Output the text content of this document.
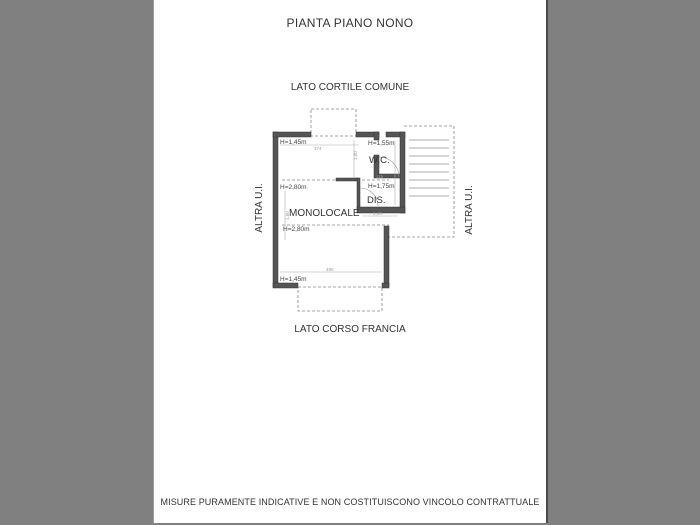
PIANTA PIANO NONO
LATO CORTILE COMUNE
LATO CORSO FRANCIA
MISURE PURAMENTE INDICATIVE E NON COSTITUISCONO VINCOLO CONTRATTUALE
MONOLOCALE
W.C.
DIS.
H=1,45m
H=2,80m
H=2,80m
H=1,45m
H=1,55m
H=1,75m
374
490
1,90
115
1,90
1,60
ALTRA U.I.	ALTRA U.I.
